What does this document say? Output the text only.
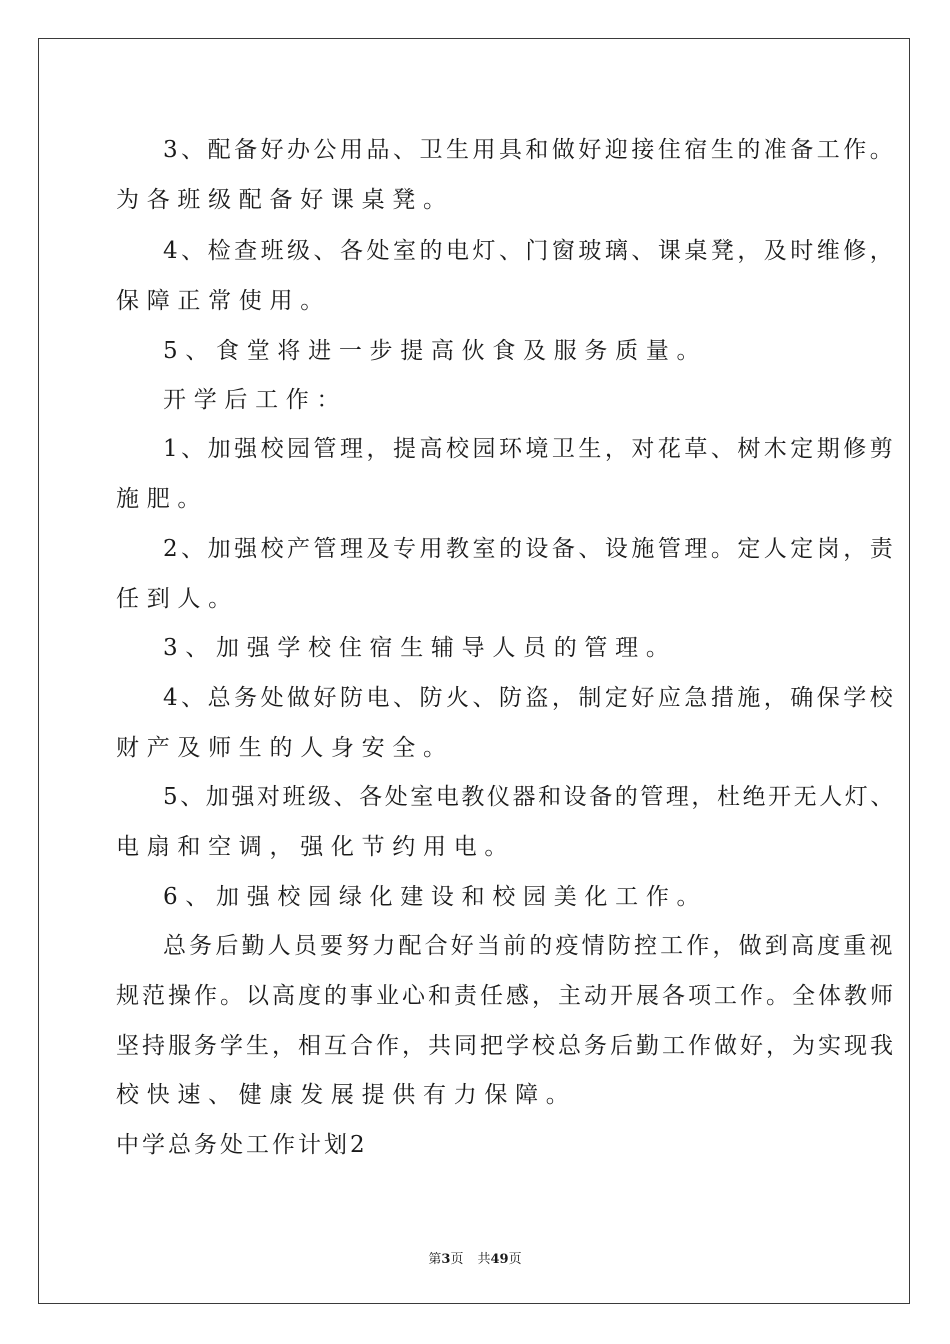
3、配备好办公用品、卫生用具和做好迎接住宿生的准备工作。
为各班级配备好课桌凳。
4、检查班级、各处室的电灯、门窗玻璃、课桌凳，及时维修，
保障正常使用。
5、食堂将进一步提高伙食及服务质量。
开学后工作：
1、加强校园管理，提高校园环境卫生，对花草、树木定期修剪
施肥。
2、加强校产管理及专用教室的设备、设施管理。定人定岗，责
任到人。
3、加强学校住宿生辅导人员的管理。
4、总务处做好防电、防火、防盗，制定好应急措施，确保学校
财产及师生的人身安全。
5、加强对班级、各处室电教仪器和设备的管理，杜绝开无人灯、
电扇和空调，强化节约用电。
6、加强校园绿化建设和校园美化工作。
总务后勤人员要努力配合好当前的疫情防控工作，做到高度重视
规范操作。以高度的事业心和责任感，主动开展各项工作。全体教师
坚持服务学生，相互合作，共同把学校总务后勤工作做好，为实现我
校快速、健康发展提供有力保障。
中学总务处工作计划2
第3页 共49页
